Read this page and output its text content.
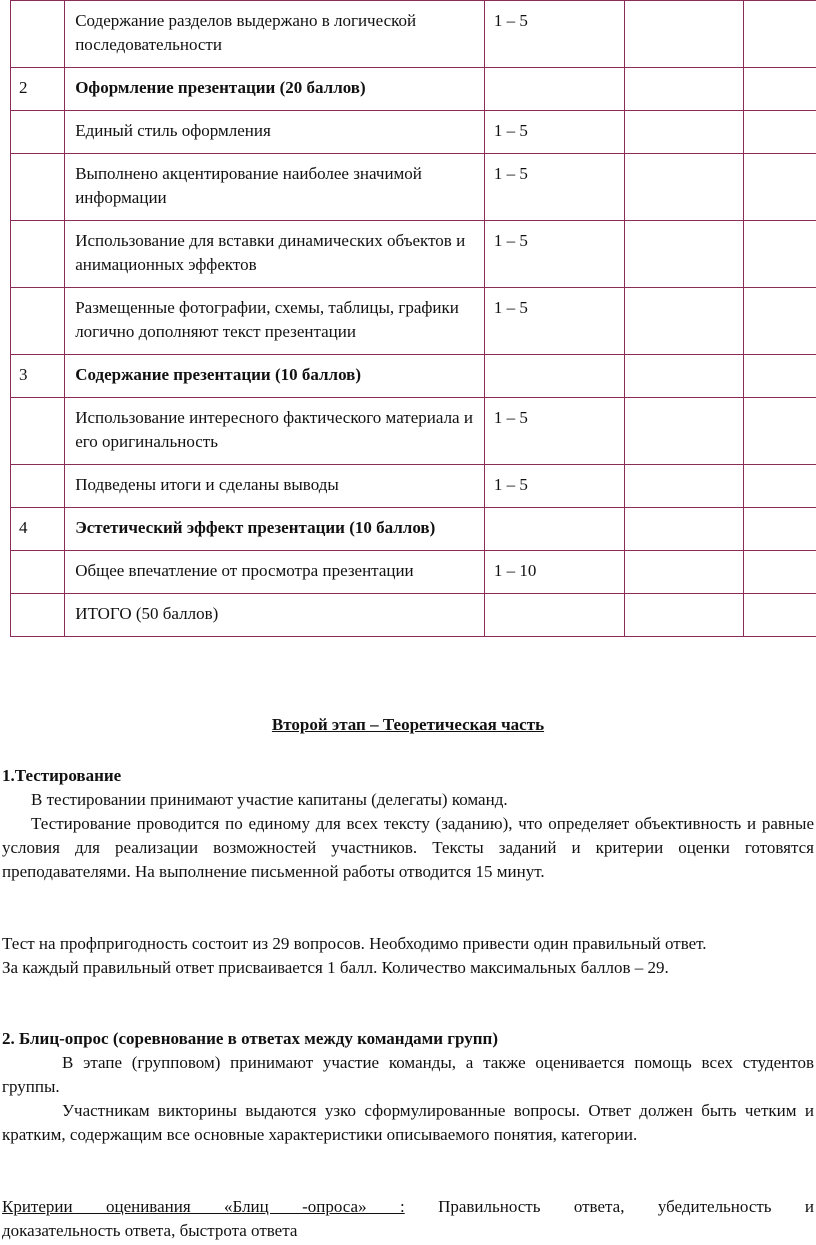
	Содержание разделов выдержано в логической последовательности	1 – 5		
2	Оформление презентации (20 баллов)			
	Единый стиль оформления	1 – 5		
	Выполнено акцентирование наиболее значимой информации	1 – 5		
	Использование для вставки динамических объектов и анимационных эффектов	1 – 5		
	Размещенные фотографии, схемы, таблицы, графики логично дополняют текст презентации	1 – 5		
3	Содержание презентации (10 баллов)			
	Использование интересного фактического материала и его оригинальность	1 – 5		
	Подведены итоги и сделаны выводы	1 – 5		
4	Эстетический эффект презентации (10 баллов)			
	Общее впечатление от просмотра презентации	1 – 10		
	ИТОГО (50 баллов)			
Второй этап – Теоретическая часть
1.Тестирование

В тестировании принимают участие капитаны (делегаты) команд.

Тестирование проводится по единому для всех тексту (заданию), что определяет объективность и равные условия для реализации возможностей участников. Тексты заданий и критерии оценки готовятся преподавателями. На выполнение письменной работы отводится 15 минут.

Тест на профпригодность состоит из 29 вопросов. Необходимо привести один правильный ответ.

За каждый правильный ответ присваивается 1 балл. Количество максимальных баллов – 29.

2. Блиц-опрос (соревнование в ответах между командами групп)

В этапе (групповом) принимают участие команды, а также оценивается помощь всех студентов группы.

Участникам викторины выдаются узко сформулированные вопросы. Ответ должен быть четким и кратким, содержащим все основные характеристики описываемого понятия, категории.

Критерии оценивания «Блиц -опроса» : Правильность ответа, убедительность и

доказательность ответа, быстрота ответа
